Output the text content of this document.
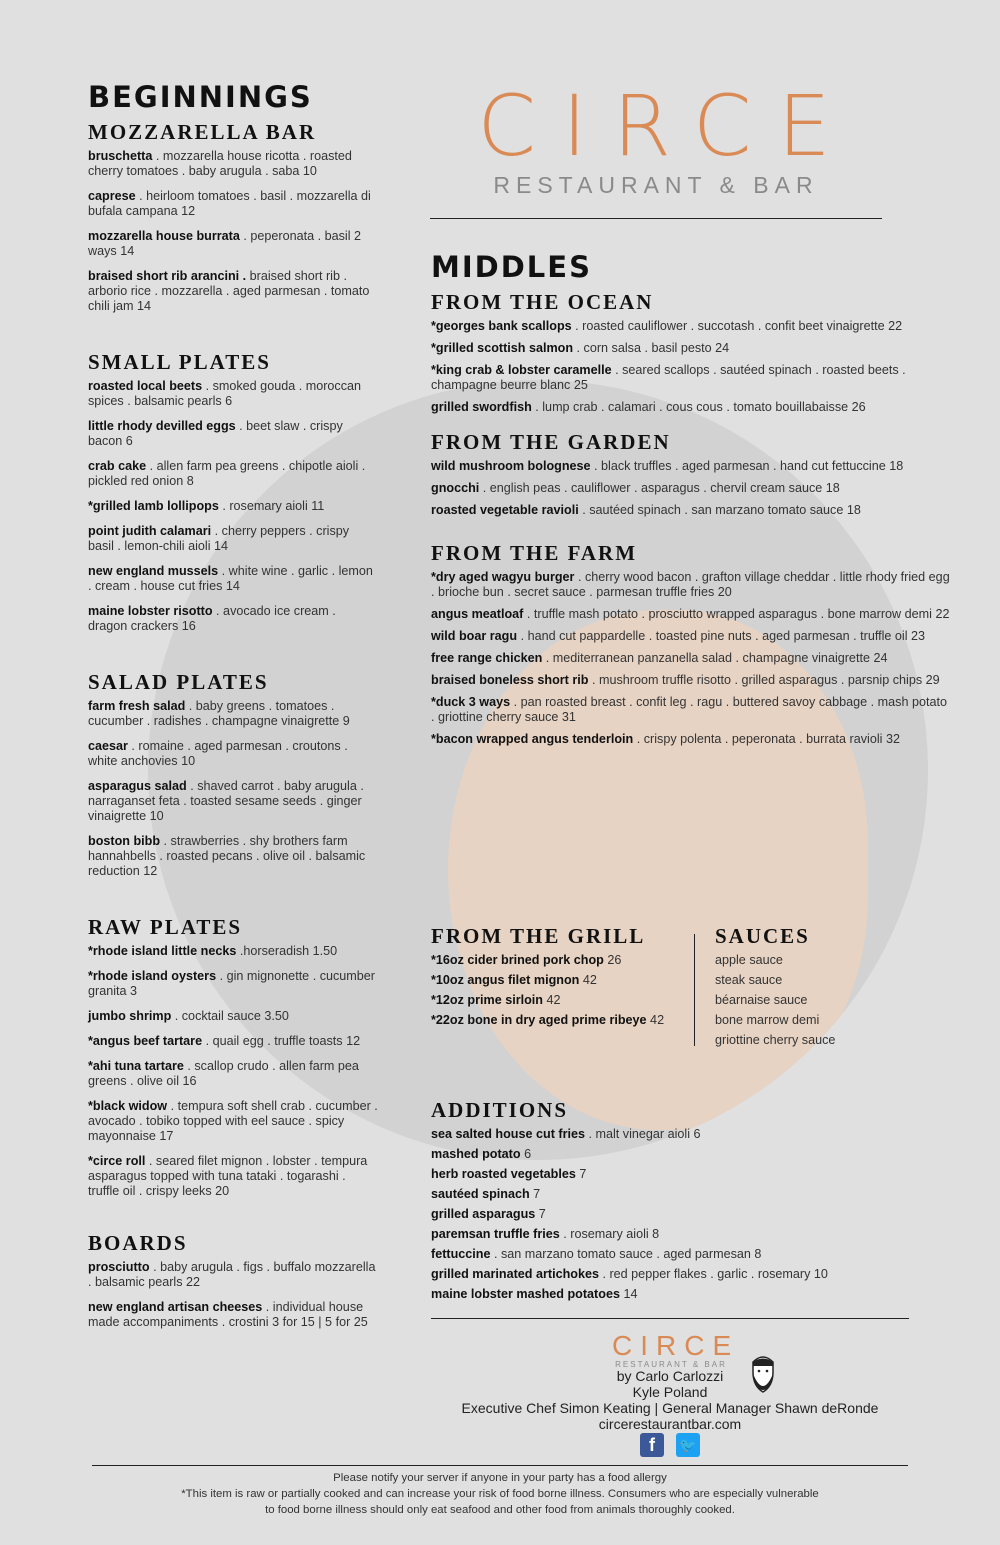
BEGINNINGS
MOZZARELLA BAR
bruschetta . mozzarella house ricotta . roasted cherry tomatoes . baby arugula . saba 10
caprese . heirloom tomatoes . basil . mozzarella di bufala campana 12
mozzarella house burrata . peperonata . basil 2 ways 14
braised short rib arancini . braised short rib . arborio rice . mozzarella . aged parmesan . tomato chili jam 14
SMALL PLATES
roasted local beets . smoked gouda . moroccan spices . balsamic pearls 6
little rhody devilled eggs . beet slaw . crispy bacon 6
crab cake . allen farm pea greens . chipotle aioli . pickled red onion 8
*grilled lamb lollipops . rosemary aioli 11
point judith calamari . cherry peppers . crispy basil . lemon-chili aioli 14
new england mussels . white wine . garlic . lemon . cream . house cut fries 14
maine lobster risotto . avocado ice cream . dragon crackers 16
SALAD PLATES
farm fresh salad . baby greens . tomatoes . cucumber . radishes . champagne vinaigrette 9
caesar . romaine . aged parmesan . croutons . white anchovies 10
asparagus salad . shaved carrot . baby arugula . narraganset feta . toasted sesame seeds . ginger vinaigrette 10
boston bibb . strawberries . shy brothers farm hannahbells . roasted pecans . olive oil . balsamic reduction 12
RAW PLATES
*rhode island little necks .horseradish 1.50
*rhode island oysters . gin mignonette . cucumber granita 3
jumbo shrimp . cocktail sauce 3.50
*angus beef tartare . quail egg . truffle toasts 12
*ahi tuna tartare . scallop crudo . allen farm pea greens . olive oil 16
*black widow . tempura soft shell crab . cucumber . avocado . tobiko topped with eel sauce . spicy mayonnaise 17
*circe roll . seared filet mignon . lobster . tempura asparagus topped with tuna tataki . togarashi . truffle oil . crispy leeks 20
BOARDS
prosciutto . baby arugula . figs . buffalo mozzarella . balsamic pearls 22
new england artisan cheeses . individual house made accompaniments . crostini 3 for 15 | 5 for 25
CIRCE
RESTAURANT & BAR
MIDDLES
FROM THE OCEAN
*georges bank scallops . roasted cauliflower . succotash . confit beet vinaigrette 22
*grilled scottish salmon . corn salsa . basil pesto 24
*king crab & lobster caramelle . seared scallops . sautéed spinach . roasted beets . champagne beurre blanc 25
grilled swordfish . lump crab . calamari . cous cous . tomato bouillabaisse 26
FROM THE GARDEN
wild mushroom bolognese . black truffles . aged parmesan . hand cut fettuccine 18
gnocchi . english peas . cauliflower . asparagus . chervil cream sauce 18
roasted vegetable ravioli . sautéed spinach . san marzano tomato sauce 18
FROM THE FARM
*dry aged wagyu burger . cherry wood bacon . grafton village cheddar . little rhody fried egg . brioche bun . secret sauce . parmesan truffle fries 20
angus meatloaf . truffle mash potato . prosciutto wrapped asparagus . bone marrow demi 22
wild boar ragu . hand cut pappardelle . toasted pine nuts . aged parmesan . truffle oil 23
free range chicken . mediterranean panzanella salad . champagne vinaigrette 24
braised boneless short rib . mushroom truffle risotto . grilled asparagus . parsnip chips 29
*duck 3 ways . pan roasted breast . confit leg . ragu . buttered savoy cabbage . mash potato . griottine cherry sauce 31
*bacon wrapped angus tenderloin . crispy polenta . peperonata . burrata ravioli 32
FROM THE GRILL
*16oz cider brined pork chop 26
*10oz angus filet mignon 42
*12oz prime sirloin 42
*22oz bone in dry aged prime ribeye 42
SAUCES
apple sauce
steak sauce
béarnaise sauce
bone marrow demi
griottine cherry sauce
ADDITIONS
sea salted house cut fries . malt vinegar aioli 6
mashed potato 6
herb roasted vegetables 7
sautéed spinach 7
grilled asparagus 7
paremsan truffle fries . rosemary aioli 8
fettuccine . san marzano tomato sauce . aged parmesan 8
grilled marinated artichokes . red pepper flakes . garlic . rosemary 10
maine lobster mashed potatoes 14
CIRCE
RESTAURANT & BAR
by Carlo Carlozzi
Kyle Poland
Executive Chef Simon Keating | General Manager Shawn deRonde
circerestaurantbar.com
f	🐦
Please notify your server if anyone in your party has a food allergy
*This item is raw or partially cooked and can increase your risk of food borne illness. Consumers who are especially vulnerable
to food borne illness should only eat seafood and other food from animals thoroughly cooked.
